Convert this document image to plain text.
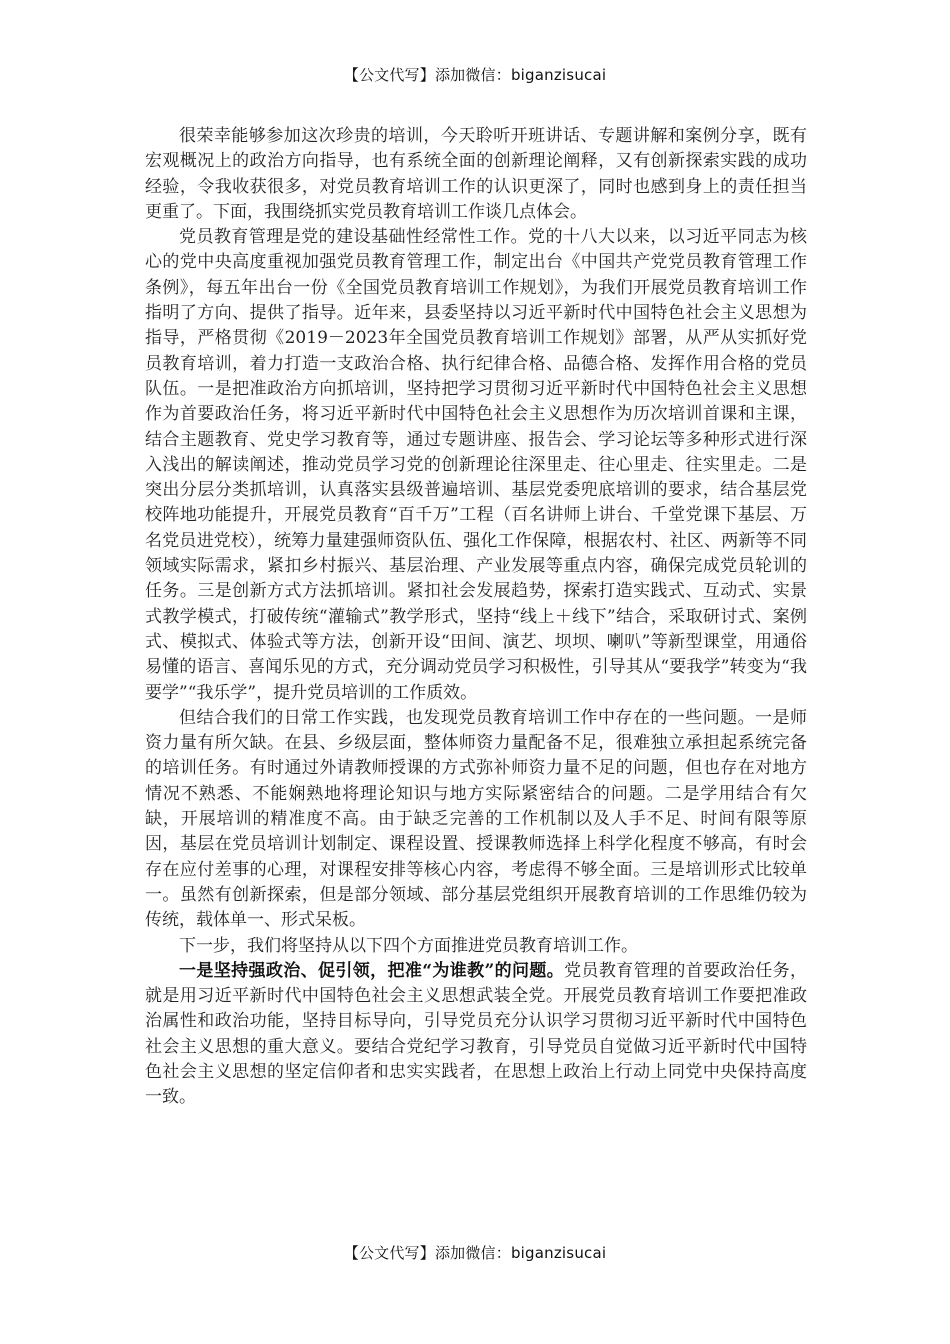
【公文代写】添加微信：biganzisucai

很荣幸能够参加这次珍贵的培训，今天聆听开班讲话、专题讲解和案例分享，既有宏观概况上的政治方向指导，也有系统全面的创新理论阐释，又有创新探索实践的成功经验，令我收获很多，对党员教育培训工作的认识更深了，同时也感到身上的责任担当更重了。下面，我围绕抓实党员教育培训工作谈几点体会。

党员教育管理是党的建设基础性经常性工作。党的十八大以来，以习近平同志为核心的党中央高度重视加强党员教育管理工作，制定出台《中国共产党党员教育管理工作条例》，每五年出台一份《全国党员教育培训工作规划》，为我们开展党员教育培训工作指明了方向、提供了指导。近年来，县委坚持以习近平新时代中国特色社会主义思想为指导，严格贯彻《2019－2023年全国党员教育培训工作规划》部署，从严从实抓好党员教育培训，着力打造一支政治合格、执行纪律合格、品德合格、发挥作用合格的党员队伍。一是把准政治方向抓培训，坚持把学习贯彻习近平新时代中国特色社会主义思想作为首要政治任务，将习近平新时代中国特色社会主义思想作为历次培训首课和主课，结合主题教育、党史学习教育等，通过专题讲座、报告会、学习论坛等多种形式进行深入浅出的解读阐述，推动党员学习党的创新理论往深里走、往心里走、往实里走。二是突出分层分类抓培训，认真落实县级普遍培训、基层党委兜底培训的要求，结合基层党校阵地功能提升，开展党员教育“百千万”工程（百名讲师上讲台、千堂党课下基层、万名党员进党校），统筹力量建强师资队伍、强化工作保障，根据农村、社区、两新等不同领域实际需求，紧扣乡村振兴、基层治理、产业发展等重点内容，确保完成党员轮训的任务。三是创新方式方法抓培训。紧扣社会发展趋势，探索打造实践式、互动式、实景式教学模式，打破传统“灌输式”教学形式，坚持“线上＋线下”结合，采取研讨式、案例式、模拟式、体验式等方法，创新开设“田间、演艺、坝坝、喇叭”等新型课堂，用通俗易懂的语言、喜闻乐见的方式，充分调动党员学习积极性，引导其从“要我学”转变为“我要学”“我乐学”，提升党员培训的工作质效。

但结合我们的日常工作实践，也发现党员教育培训工作中存在的一些问题。一是师资力量有所欠缺。在县、乡级层面，整体师资力量配备不足，很难独立承担起系统完备的培训任务。有时通过外请教师授课的方式弥补师资力量不足的问题，但也存在对地方情况不熟悉、不能娴熟地将理论知识与地方实际紧密结合的问题。二是学用结合有欠缺，开展培训的精准度不高。由于缺乏完善的工作机制以及人手不足、时间有限等原因，基层在党员培训计划制定、课程设置、授课教师选择上科学化程度不够高，有时会存在应付差事的心理，对课程安排等核心内容，考虑得不够全面。三是培训形式比较单一。虽然有创新探索，但是部分领域、部分基层党组织开展教育培训的工作思维仍较为传统，载体单一、形式呆板。

下一步，我们将坚持从以下四个方面推进党员教育培训工作。

一是坚持强政治、促引领，把准“为谁教”的问题。党员教育管理的首要政治任务，就是用习近平新时代中国特色社会主义思想武装全党。开展党员教育培训工作要把准政治属性和政治功能，坚持目标导向，引导党员充分认识学习贯彻习近平新时代中国特色社会主义思想的重大意义。要结合党纪学习教育，引导党员自觉做习近平新时代中国特色社会主义思想的坚定信仰者和忠实实践者，在思想上政治上行动上同党中央保持高度一致。

【公文代写】添加微信：biganzisucai
